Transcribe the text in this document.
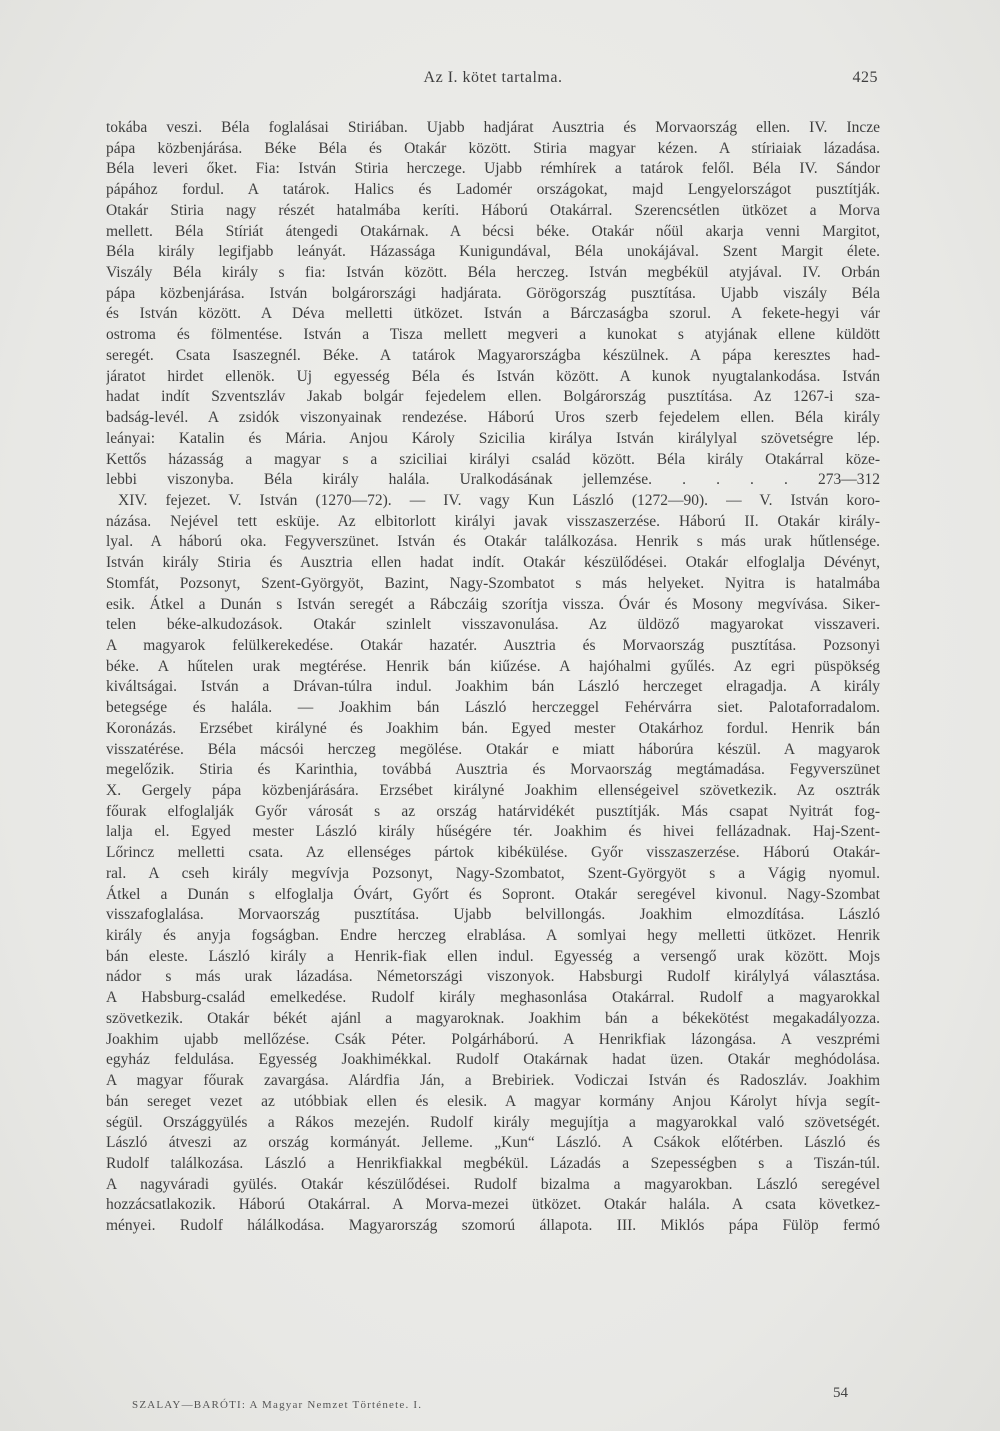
Az I. kötet tartalma.	425
tokába veszi. Béla foglalásai Stiriában. Ujabb hadjárat Ausztria és Morvaország ellen. IV. Incze
pápa közbenjárása. Béke Béla és Otakár között. Stiria magyar kézen. A stíriaiak lázadása.
Béla leveri őket. Fia: István Stiria herczege. Ujabb rémhírek a tatárok felől. Béla IV. Sándor
pápához fordul. A tatárok. Halics és Ladomér országokat, majd Lengyelországot pusztítják.
Otakár Stiria nagy részét hatalmába keríti. Háború Otakárral. Szerencsétlen ütközet a Morva
mellett. Béla Stíriát átengedi Otakárnak. A bécsi béke. Otakár nőül akarja venni Margitot,
Béla király legifjabb leányát. Házassága Kunigundával, Béla unokájával. Szent Margit élete.
Viszály Béla király s fia: István között. Béla herczeg. István megbékül atyjával. IV. Orbán
pápa közbenjárása. István bolgárországi hadjárata. Görögország pusztítása. Ujabb viszály Béla
és István között. A Déva melletti ütközet. István a Bárczaságba szorul. A fekete-hegyi vár
ostroma és fölmentése. István a Tisza mellett megveri a kunokat s atyjának ellene küldött
seregét. Csata Isaszegnél. Béke. A tatárok Magyarországba készülnek. A pápa keresztes had-
járatot hirdet ellenök. Uj egyesség Béla és István között. A kunok nyugtalankodása. István
hadat indít Szventszláv Jakab bolgár fejedelem ellen. Bolgárország pusztítása. Az 1267-i sza-
badság-levél. A zsidók viszonyainak rendezése. Háború Uros szerb fejedelem ellen. Béla király
leányai: Katalin és Mária. Anjou Károly Szicilia királya István királylyal szövetségre lép.
Kettős házasság a magyar s a sziciliai királyi család között. Béla király Otakárral köze-
lebbi viszonyba. Béla király halála. Uralkodásának jellemzése. . . . . 273—312
XIV. fejezet. V. István (1270—72). — IV. vagy Kun László (1272—90). — V. István koro-
názása. Nejével tett esküje. Az elbitorlott királyi javak visszaszerzése. Háború II. Otakár király-
lyal. A háború oka. Fegyverszünet. István és Otakár találkozása. Henrik s más urak hűtlensége.
István király Stiria és Ausztria ellen hadat indít. Otakár készülődései. Otakár elfoglalja Dévényt,
Stomfát, Pozsonyt, Szent-Györgyöt, Bazint, Nagy-Szombatot s más helyeket. Nyitra is hatalmába
esik. Átkel a Dunán s István seregét a Rábczáig szorítja vissza. Óvár és Mosony megvívása. Siker-
telen béke-alkudozások. Otakár szinlelt visszavonulása. Az üldöző magyarokat visszaveri.
A magyarok felülkerekedése. Otakár hazatér. Ausztria és Morvaország pusztítása. Pozsonyi
béke. A hűtelen urak megtérése. Henrik bán kiűzése. A hajóhalmi gyűlés. Az egri püspökség
kiváltságai. István a Drávan-túlra indul. Joakhim bán László herczeget elragadja. A király
betegsége és halála. — Joakhim bán László herczeggel Fehérvárra siet. Palotaforradalom.
Koronázás. Erzsébet királyné és Joakhim bán. Egyed mester Otakárhoz fordul. Henrik bán
visszatérése. Béla mácsói herczeg megölése. Otakár e miatt háborúra készül. A magyarok
megelőzik. Stiria és Karinthia, továbbá Ausztria és Morvaország megtámadása. Fegyverszünet
X. Gergely pápa közbenjárására. Erzsébet királyné Joakhim ellenségeivel szövetkezik. Az osztrák
főurak elfoglalják Győr városát s az ország határvidékét pusztítják. Más csapat Nyitrát fog-
lalja el. Egyed mester László király hűségére tér. Joakhim és hivei fellázadnak. Haj-Szent-
Lőrincz melletti csata. Az ellenséges pártok kibékülése. Győr visszaszerzése. Háború Otakár-
ral. A cseh király megvívja Pozsonyt, Nagy-Szombatot, Szent-Györgyöt s a Vágig nyomul.
Átkel a Dunán s elfoglalja Óvárt, Győrt és Sopront. Otakár seregével kivonul. Nagy-Szombat
visszafoglalása. Morvaország pusztítása. Ujabb belvillongás. Joakhim elmozdítása. László
király és anyja fogságban. Endre herczeg elrablása. A somlyai hegy melletti ütközet. Henrik
bán eleste. László király a Henrik-fiak ellen indul. Egyesség a versengő urak között. Mojs
nádor s más urak lázadása. Németországi viszonyok. Habsburgi Rudolf királylyá választása.
A Habsburg-család emelkedése. Rudolf király meghasonlása Otakárral. Rudolf a magyarokkal
szövetkezik. Otakár békét ajánl a magyaroknak. Joakhim bán a békekötést megakadályozza.
Joakhim ujabb mellőzése. Csák Péter. Polgárháború. A Henrikfiak lázongása. A veszprémi
egyház feldulása. Egyesség Joakhimékkal. Rudolf Otakárnak hadat üzen. Otakár meghódolása.
A magyar főurak zavargása. Alárdfia Ján, a Brebiriek. Vodiczai István és Radoszláv. Joakhim
bán sereget vezet az utóbbiak ellen és elesik. A magyar kormány Anjou Károlyt hívja segít-
ségül. Országgyülés a Rákos mezején. Rudolf király megujítja a magyarokkal való szövetségét.
László átveszi az ország kormányát. Jelleme. „Kun“ László. A Csákok előtérben. László és
Rudolf találkozása. László a Henrikfiakkal megbékül. Lázadás a Szepességben s a Tiszán-túl.
A nagyváradi gyülés. Otakár készülődései. Rudolf bizalma a magyarokban. László seregével
hozzácsatlakozik. Háború Otakárral. A Morva-mezei ütközet. Otakár halála. A csata következ-
ményei. Rudolf hálálkodása. Magyarország szomorú állapota. III. Miklós pápa Fülöp fermó
SZALAY—BARÓTI: A Magyar Nemzet Története. I.
54
